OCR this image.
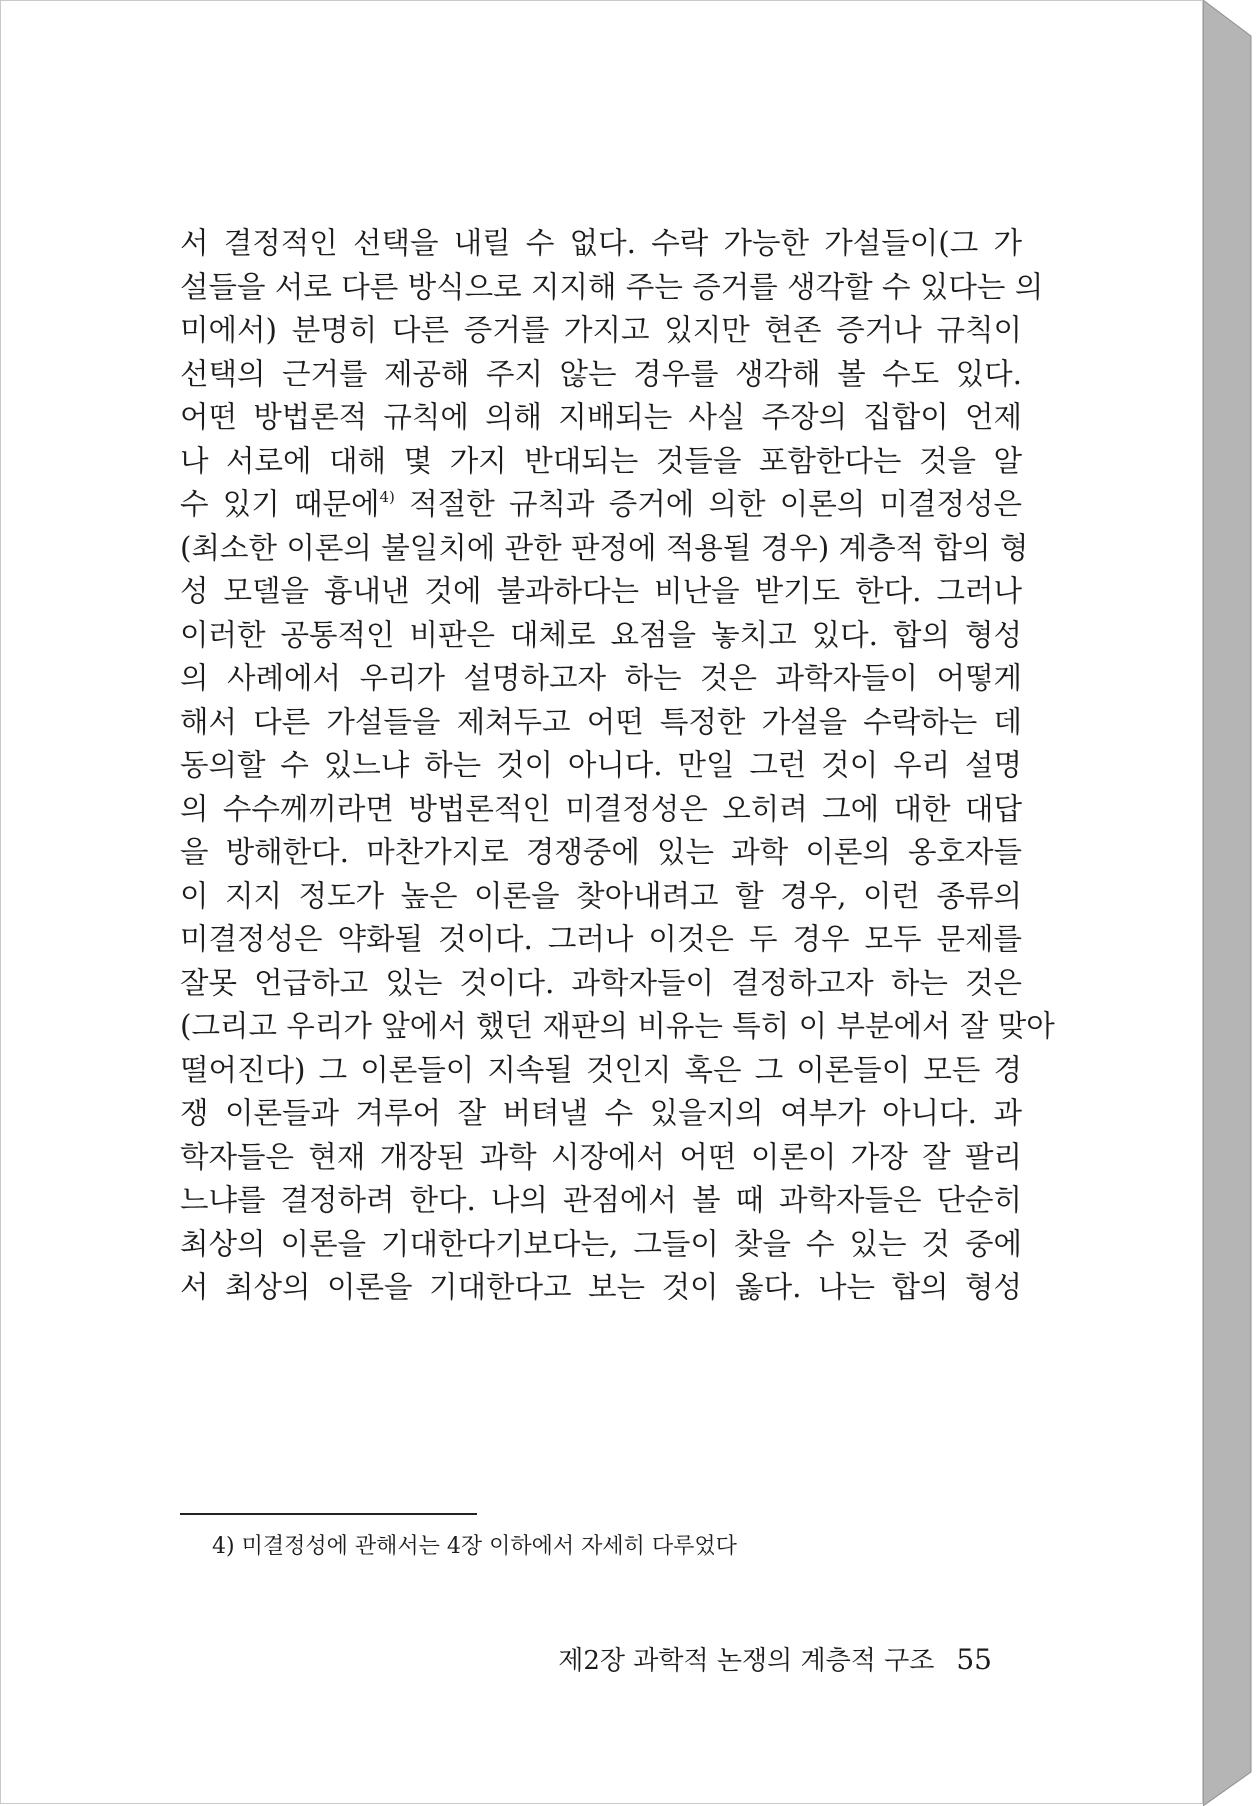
서 결정적인 선택을 내릴 수 없다. 수락 가능한 가설들이(그 가
설들을 서로 다른 방식으로 지지해 주는 증거를 생각할 수 있다는 의
미에서) 분명히 다른 증거를 가지고 있지만 현존 증거나 규칙이
선택의 근거를 제공해 주지 않는 경우를 생각해 볼 수도 있다.
어떤 방법론적 규칙에 의해 지배되는 사실 주장의 집합이 언제
나 서로에 대해 몇 가지 반대되는 것들을 포함한다는 것을 알
수 있기 때문에$^{4)}$ 적절한 규칙과 증거에 의한 이론의 미결정성은
(최소한 이론의 불일치에 관한 판정에 적용될 경우) 계층적 합의 형
성 모델을 흉내낸 것에 불과하다는 비난을 받기도 한다. 그러나
이러한 공통적인 비판은 대체로 요점을 놓치고 있다. 합의 형성
의 사례에서 우리가 설명하고자 하는 것은 과학자들이 어떻게
해서 다른 가설들을 제쳐두고 어떤 특정한 가설을 수락하는 데
동의할 수 있느냐 하는 것이 아니다. 만일 그런 것이 우리 설명
의 수수께끼라면 방법론적인 미결정성은 오히려 그에 대한 대답
을 방해한다. 마찬가지로 경쟁중에 있는 과학 이론의 옹호자들
이 지지 정도가 높은 이론을 찾아내려고 할 경우, 이런 종류의
미결정성은 약화될 것이다. 그러나 이것은 두 경우 모두 문제를
잘못 언급하고 있는 것이다. 과학자들이 결정하고자 하는 것은
(그리고 우리가 앞에서 했던 재판의 비유는 특히 이 부분에서 잘 맞아
떨어진다) 그 이론들이 지속될 것인지 혹은 그 이론들이 모든 경
쟁 이론들과 겨루어 잘 버텨낼 수 있을지의 여부가 아니다. 과
학자들은 현재 개장된 과학 시장에서 어떤 이론이 가장 잘 팔리
느냐를 결정하려 한다. 나의 관점에서 볼 때 과학자들은 단순히
최상의 이론을 기대한다기보다는, 그들이 찾을 수 있는 것 중에
서 최상의 이론을 기대한다고 보는 것이 옳다. 나는 합의 형성
4) 미결정성에 관해서는 4장 이하에서 자세히 다루었다
제2장 과학적 논쟁의 계층적 구조 55
